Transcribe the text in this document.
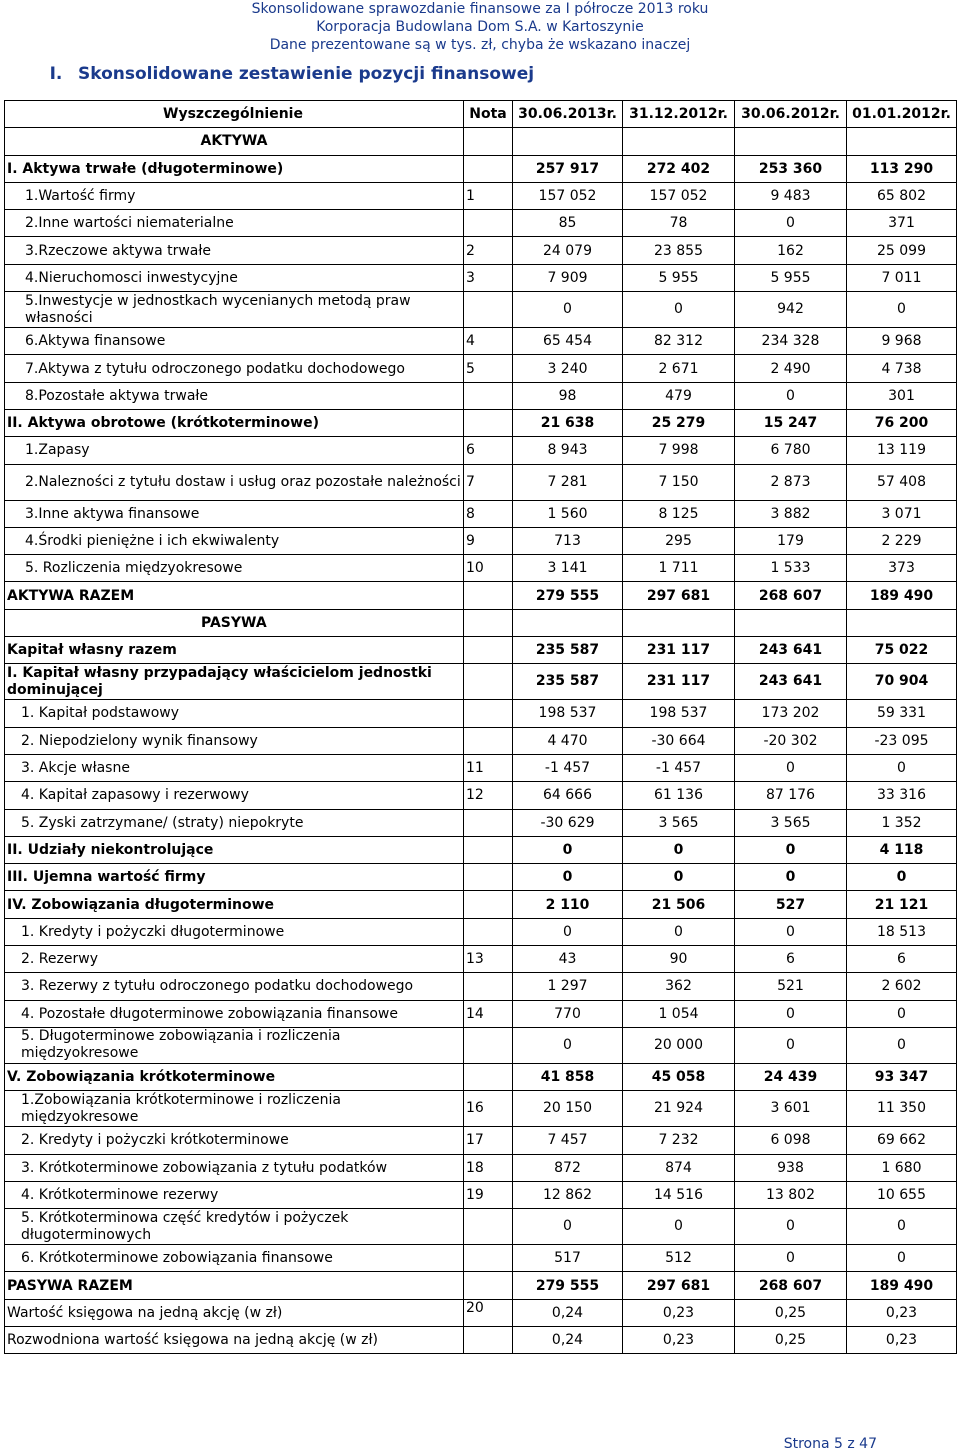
Skonsolidowane sprawozdanie finansowe za I półrocze 2013 roku
Korporacja Budowlana Dom S.A. w Kartoszynie
Dane prezentowane są w tys. zł, chyba że wskazano inaczej
I. Skonsolidowane zestawienie pozycji finansowej
Wyszczególnienie	Nota	30.06.2013r.	31.12.2012r.	30.06.2012r.	01.01.2012r.
AKTYWA					
I. Aktywa trwałe (długoterminowe)		257 917	272 402	253 360	113 290
1.Wartość firmy	1	157 052	157 052	9 483	65 802
2.Inne wartości niematerialne		85	78	0	371
3.Rzeczowe aktywa trwałe	2	24 079	23 855	162	25 099
4.Nieruchomosci inwestycyjne	3	7 909	5 955	5 955	7 011
5.Inwestycje w jednostkach wycenianych metodą praw własności		0	0	942	0
6.Aktywa finansowe	4	65 454	82 312	234 328	9 968
7.Aktywa z tytułu odroczonego podatku dochodowego	5	3 240	2 671	2 490	4 738
8.Pozostałe aktywa trwałe		98	479	0	301
II. Aktywa obrotowe (krótkoterminowe)		21 638	25 279	15 247	76 200
1.Zapasy	6	8 943	7 998	6 780	13 119
2.Nalezności z tytułu dostaw i usług oraz pozostałe należności	7	7 281	7 150	2 873	57 408
3.Inne aktywa finansowe	8	1 560	8 125	3 882	3 071
4.Środki pieniężne i ich ekwiwalenty	9	713	295	179	2 229
5. Rozliczenia międzyokresowe	10	3 141	1 711	1 533	373
AKTYWA RAZEM		279 555	297 681	268 607	189 490
PASYWA					
Kapitał własny razem		235 587	231 117	243 641	75 022
I. Kapitał własny przypadający właścicielom jednostki dominującej		235 587	231 117	243 641	70 904
1. Kapitał podstawowy		198 537	198 537	173 202	59 331
2. Niepodzielony wynik finansowy		4 470	-30 664	-20 302	-23 095
3. Akcje własne	11	-1 457	-1 457	0	0
4. Kapitał zapasowy i rezerwowy	12	64 666	61 136	87 176	33 316
5. Zyski zatrzymane/ (straty) niepokryte		-30 629	3 565	3 565	1 352
II. Udziały niekontrolujące		0	0	0	4 118
III. Ujemna wartość firmy		0	0	0	0
IV. Zobowiązania długoterminowe		2 110	21 506	527	21 121
1. Kredyty i pożyczki długoterminowe		0	0	0	18 513
2. Rezerwy	13	43	90	6	6
3. Rezerwy z tytułu odroczonego podatku dochodowego		1 297	362	521	2 602
4. Pozostałe długoterminowe zobowiązania finansowe	14	770	1 054	0	0
5. Długoterminowe zobowiązania i rozliczenia międzyokresowe		0	20 000	0	0
V. Zobowiązania krótkoterminowe		41 858	45 058	24 439	93 347
1.Zobowiązania krótkoterminowe i rozliczenia międzyokresowe	16	20 150	21 924	3 601	11 350
2. Kredyty i pożyczki krótkoterminowe	17	7 457	7 232	6 098	69 662
3. Krótkoterminowe zobowiązania z tytułu podatków	18	872	874	938	1 680
4. Krótkoterminowe rezerwy	19	12 862	14 516	13 802	10 655
5. Krótkoterminowa część kredytów i pożyczek długoterminowych		0	0	0	0
6. Krótkoterminowe zobowiązania finansowe		517	512	0	0
PASYWA RAZEM		279 555	297 681	268 607	189 490
Wartość księgowa na jedną akcję (w zł)	20	0,24	0,23	0,25	0,23
Rozwodniona wartość księgowa na jedną akcję (w zł)		0,24	0,23	0,25	0,23
Strona 5 z 47
